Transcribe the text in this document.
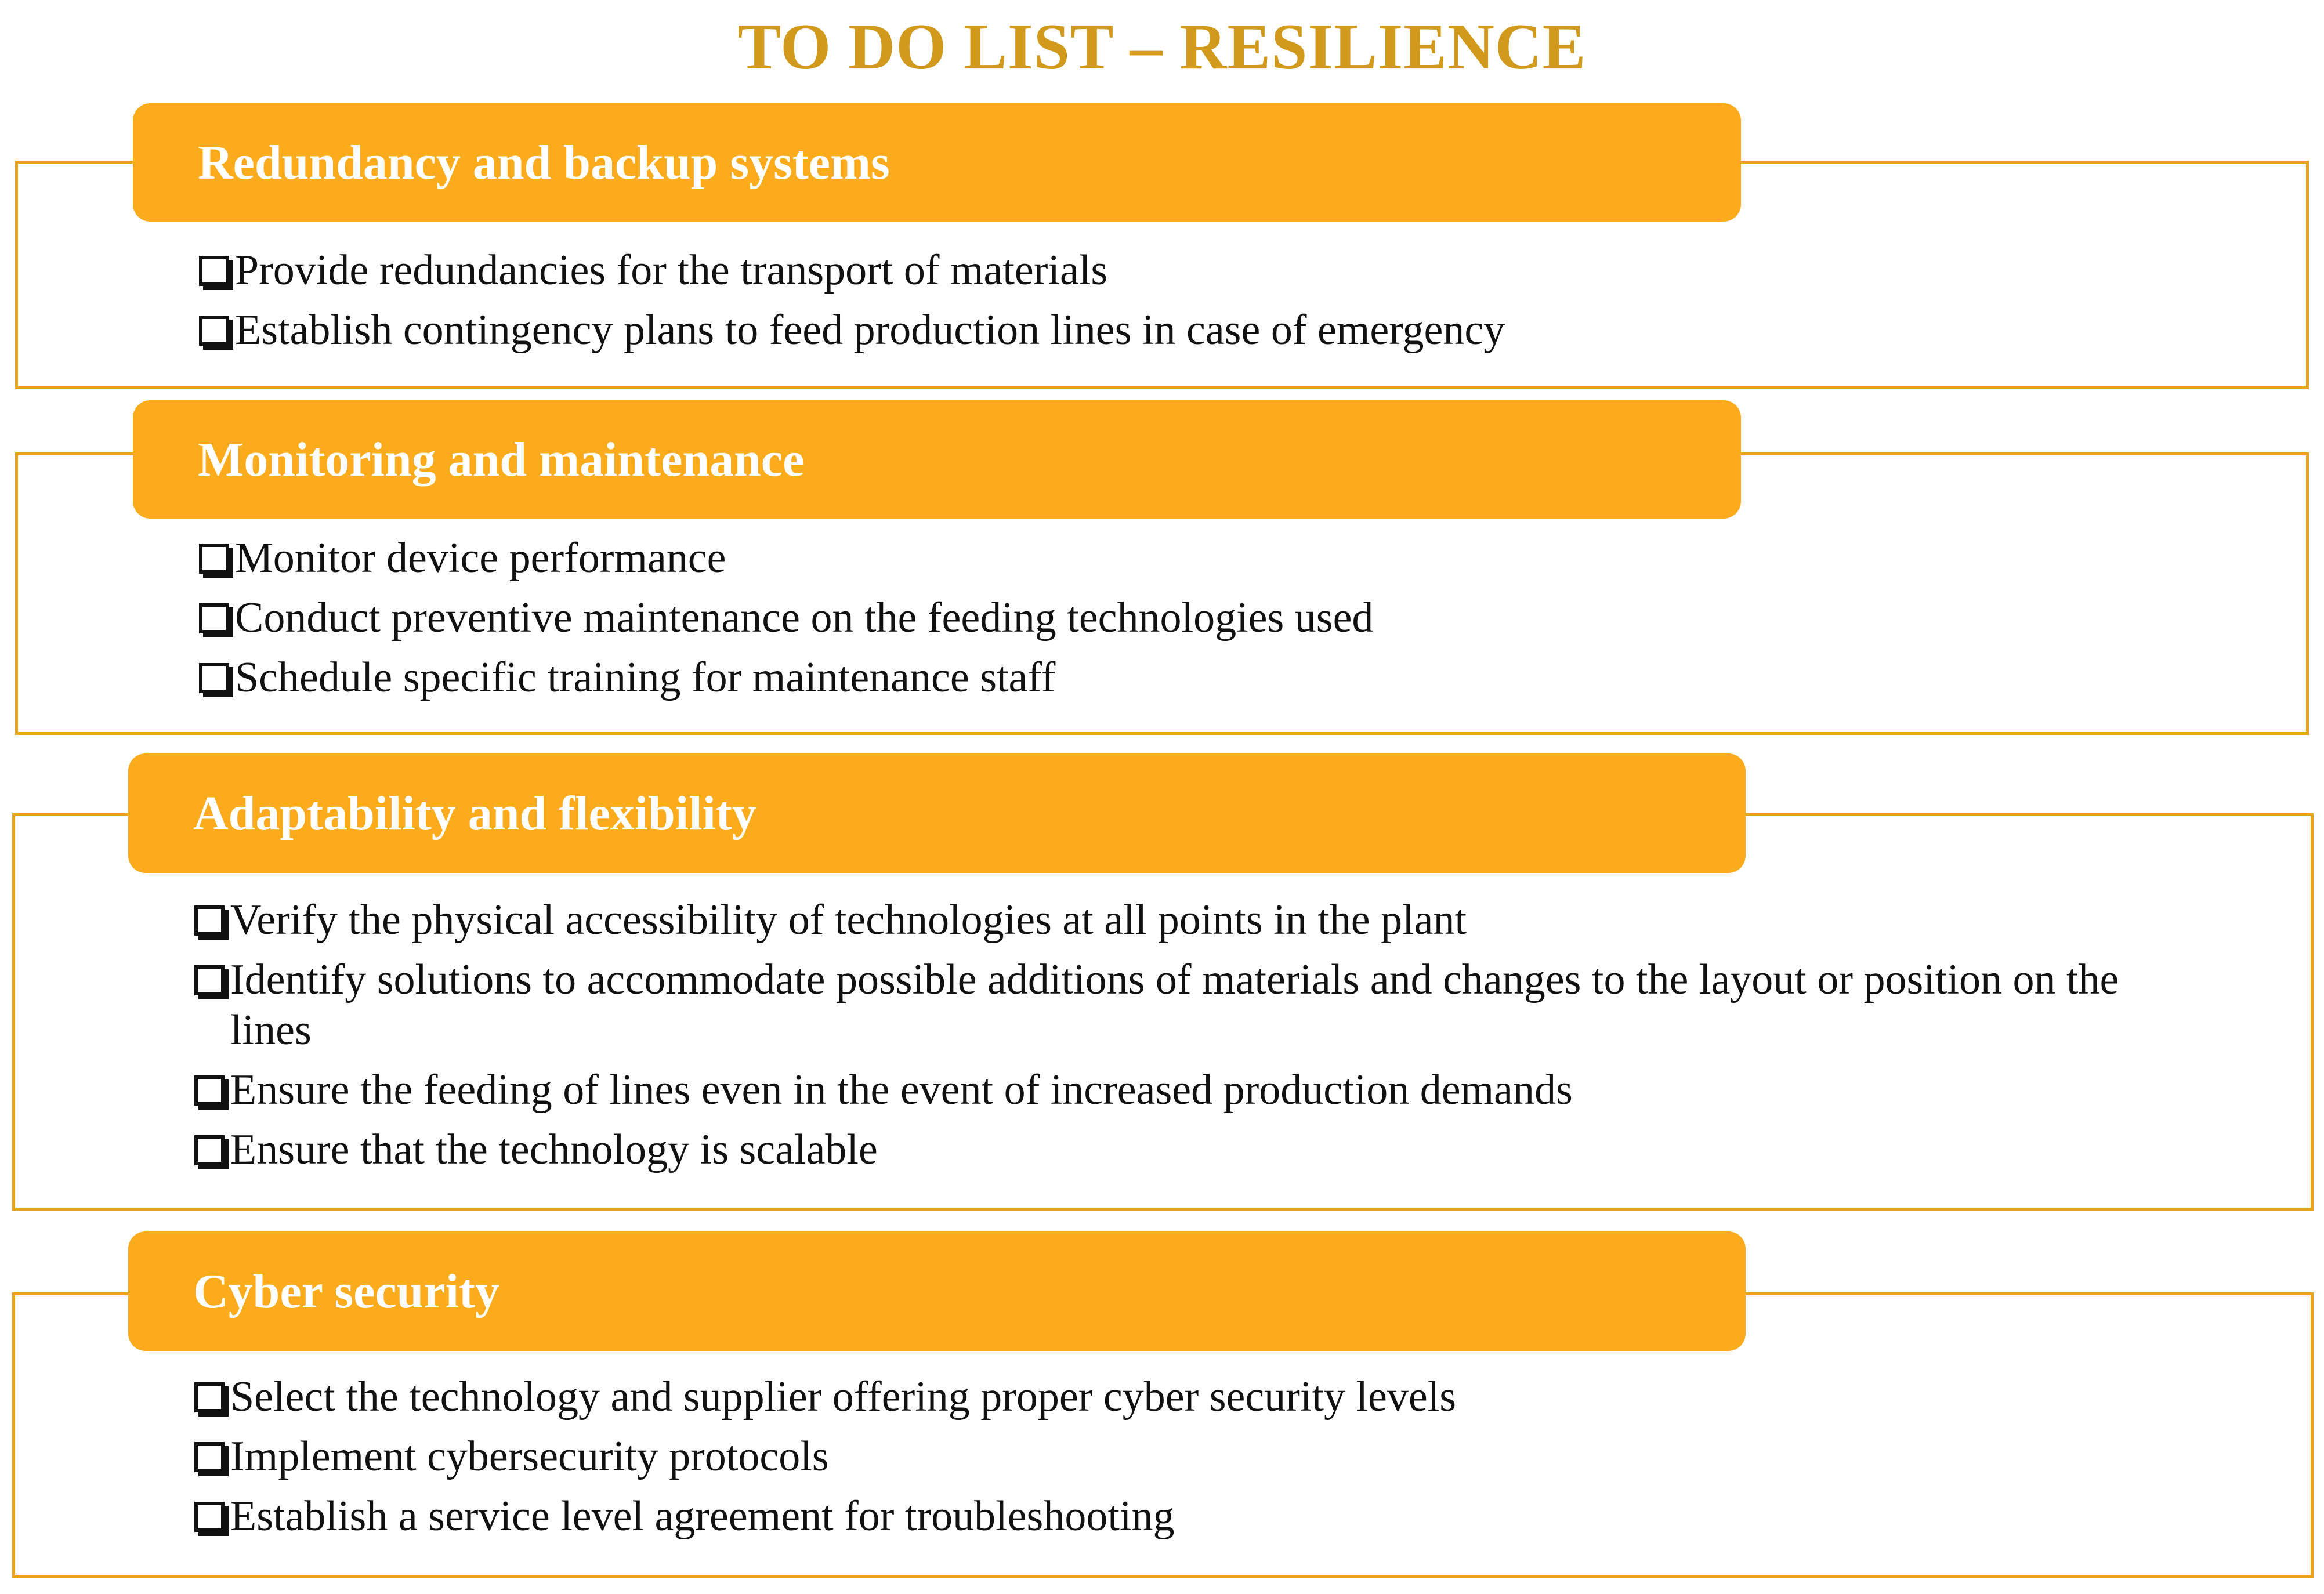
TO DO LIST – RESILIENCE
Redundancy and backup systems
Provide redundancies for the transport of materials
Establish contingency plans to feed production lines in case of emergency
Monitoring and maintenance
Monitor device performance
Conduct preventive maintenance on the feeding technologies used
Schedule specific training for maintenance staff
Adaptability and flexibility
Verify the physical accessibility of technologies at all points in the plant
Identify solutions to accommodate possible additions of materials and changes to the layout or position on the lines
Ensure the feeding of lines even in the event of increased production demands
Ensure that the technology is scalable
Cyber security
Select the technology and supplier offering proper cyber security levels
Implement cybersecurity protocols
Establish a service level agreement for troubleshooting
